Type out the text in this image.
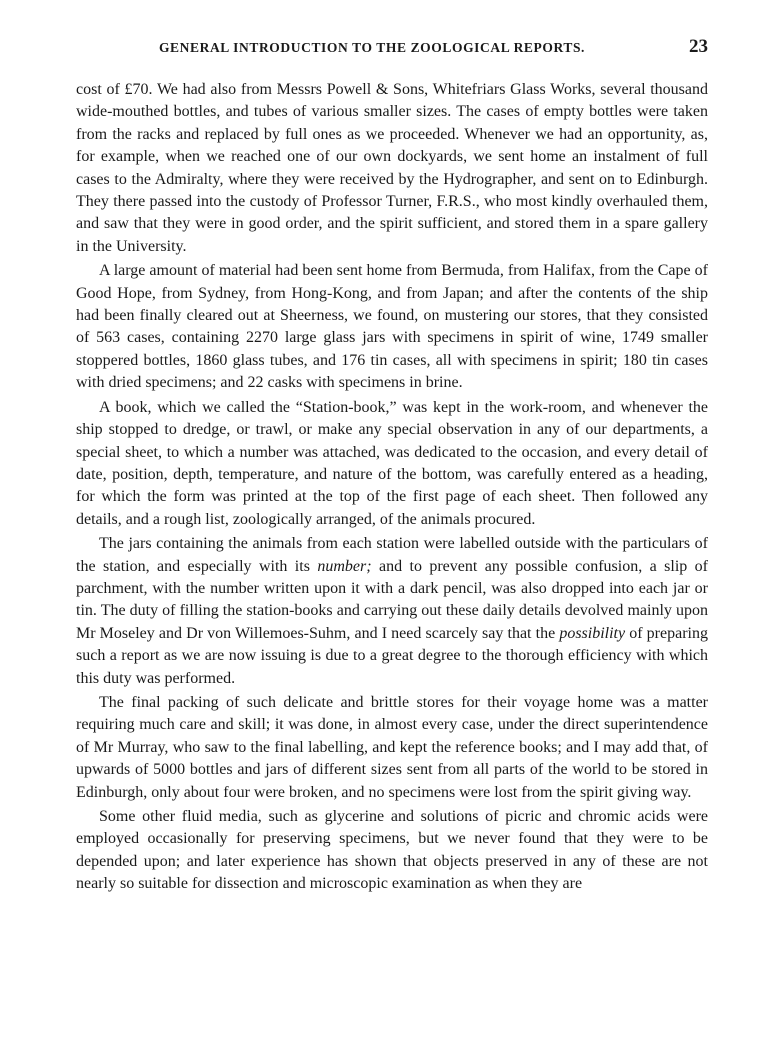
GENERAL INTRODUCTION TO THE ZOOLOGICAL REPORTS.	23

cost of £70. We had also from Messrs Powell & Sons, Whitefriars Glass Works, several thousand wide-mouthed bottles, and tubes of various smaller sizes. The cases of empty bottles were taken from the racks and replaced by full ones as we proceeded. Whenever we had an opportunity, as, for example, when we reached one of our own dockyards, we sent home an instalment of full cases to the Admiralty, where they were received by the Hydrographer, and sent on to Edinburgh. They there passed into the custody of Professor Turner, F.R.S., who most kindly overhauled them, and saw that they were in good order, and the spirit sufficient, and stored them in a spare gallery in the University.

A large amount of material had been sent home from Bermuda, from Halifax, from the Cape of Good Hope, from Sydney, from Hong-Kong, and from Japan; and after the contents of the ship had been finally cleared out at Sheerness, we found, on mustering our stores, that they consisted of 563 cases, containing 2270 large glass jars with specimens in spirit of wine, 1749 smaller stoppered bottles, 1860 glass tubes, and 176 tin cases, all with specimens in spirit; 180 tin cases with dried specimens; and 22 casks with specimens in brine.

A book, which we called the “Station-book,” was kept in the work-room, and whenever the ship stopped to dredge, or trawl, or make any special observation in any of our departments, a special sheet, to which a number was attached, was dedicated to the occasion, and every detail of date, position, depth, temperature, and nature of the bottom, was carefully entered as a heading, for which the form was printed at the top of the first page of each sheet. Then followed any details, and a rough list, zoologically arranged, of the animals procured.

The jars containing the animals from each station were labelled outside with the particulars of the station, and especially with its number; and to prevent any possible confusion, a slip of parchment, with the number written upon it with a dark pencil, was also dropped into each jar or tin. The duty of filling the station-books and carrying out these daily details devolved mainly upon Mr Moseley and Dr von Willemoes-Suhm, and I need scarcely say that the possibility of preparing such a report as we are now issuing is due to a great degree to the thorough efficiency with which this duty was performed.

The final packing of such delicate and brittle stores for their voyage home was a matter requiring much care and skill; it was done, in almost every case, under the direct superintendence of Mr Murray, who saw to the final labelling, and kept the reference books; and I may add that, of upwards of 5000 bottles and jars of different sizes sent from all parts of the world to be stored in Edinburgh, only about four were broken, and no specimens were lost from the spirit giving way.

Some other fluid media, such as glycerine and solutions of picric and chromic acids were employed occasionally for preserving specimens, but we never found that they were to be depended upon; and later experience has shown that objects preserved in any of these are not nearly so suitable for dissection and microscopic examination as when they are
